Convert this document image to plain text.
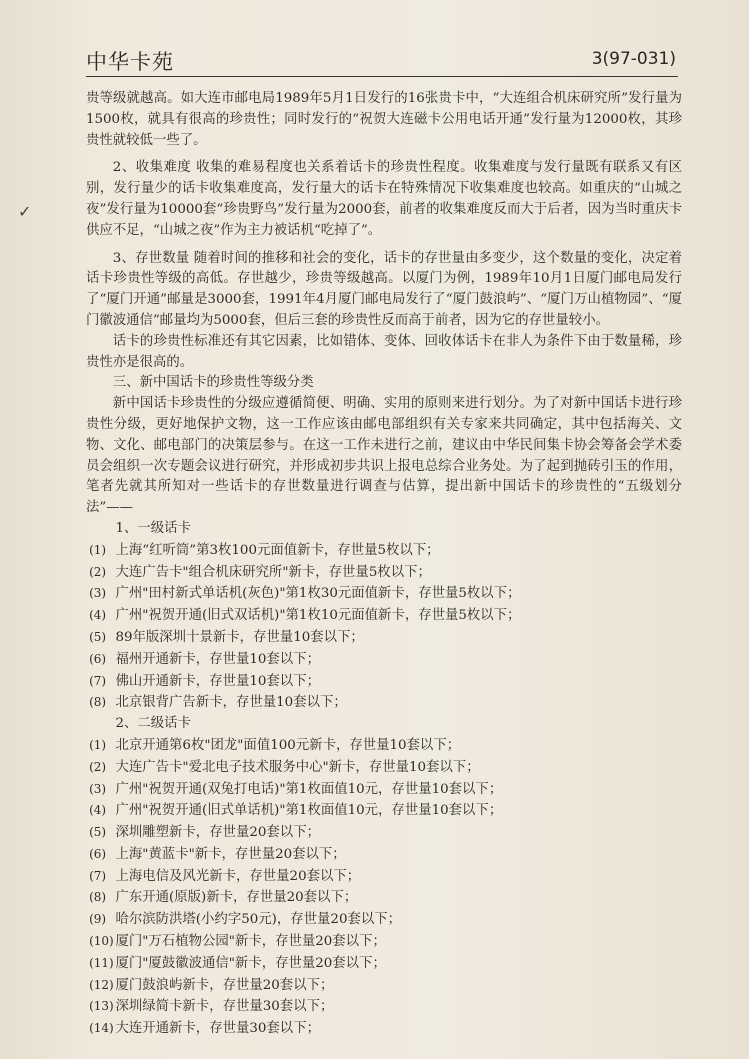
中华卡苑	3(97-031)
✓

贵等级就越高。如大连市邮电局1989年5月1日发行的16张贵卡中，“大连组合机床研究所”发行量为1500枚，就具有很高的珍贵性；同时发行的“祝贺大连磁卡公用电话开通”发行量为12000枚，其珍贵性就较低一些了。

2、收集难度 收集的难易程度也关系着话卡的珍贵性程度。收集难度与发行量既有联系又有区别，发行量少的话卡收集难度高，发行量大的话卡在特殊情况下收集难度也较高。如重庆的“山城之夜”发行量为10000套“珍贵野鸟”发行量为2000套，前者的收集难度反而大于后者，因为当时重庆卡供应不足，“山城之夜”作为主力被话机“吃掉了”。

3、存世数量 随着时间的推移和社会的变化，话卡的存世量由多变少，这个数量的变化，决定着话卡珍贵性等级的高低。存世越少，珍贵等级越高。以厦门为例，1989年10月1日厦门邮电局发行了“厦门开通”邮量是3000套，1991年4月厦门邮电局发行了“厦门鼓浪屿”、“厦门万山植物园”、“厦门徽波通信”邮量均为5000套，但后三套的珍贵性反而高于前者，因为它的存世量较小。

话卡的珍贵性标准还有其它因素，比如错体、变体、回收体话卡在非人为条件下由于数量稀，珍贵性亦是很高的。

三、新中国话卡的珍贵性等级分类

新中国话卡珍贵性的分级应遵循简便、明确、实用的原则来进行划分。为了对新中国话卡进行珍贵性分级，更好地保护文物，这一工作应该由邮电部组织有关专家来共同确定，其中包括海关、文物、文化、邮电部门的决策层参与。在这一工作未进行之前，建议由中华民间集卡协会筹备会学术委员会组织一次专题会议进行研究，并形成初步共识上报电总综合业务处。为了起到抛砖引玉的作用，笔者先就其所知对一些话卡的存世数量进行调查与估算，提出新中国话卡的珍贵性的“五级划分法”——

1、一级话卡

(1) 上海“红听筒”第3枚100元面值新卡，存世量5枚以下；

(2) 大连广告卡"组合机床研究所"新卡，存世量5枚以下；

(3) 广州"田村新式单话机(灰色)"第1枚30元面值新卡，存世量5枚以下；

(4) 广州"祝贺开通(旧式双话机)"第1枚10元面值新卡，存世量5枚以下；

(5) 89年版深圳十景新卡，存世量10套以下；

(6) 福州开通新卡，存世量10套以下；

(7) 佛山开通新卡，存世量10套以下；

(8) 北京银背广告新卡，存世量10套以下；

2、二级话卡

(1) 北京开通第6枚"团龙"面值100元新卡，存世量10套以下；

(2) 大连广告卡"爱北电子技术服务中心"新卡，存世量10套以下；

(3) 广州"祝贺开通(双兔打电话)"第1枚面值10元，存世量10套以下；

(4) 广州"祝贺开通(旧式单话机)"第1枚面值10元，存世量10套以下；

(5) 深圳雕塑新卡，存世量20套以下；

(6) 上海"黄蓝卡"新卡，存世量20套以下；

(7) 上海电信及风光新卡，存世量20套以下；

(8) 广东开通(原版)新卡，存世量20套以下；

(9) 哈尔滨防洪塔(小约字50元)，存世量20套以下；

(10) 厦门"万石植物公园"新卡，存世量20套以下；

(11) 厦门"厦鼓徽波通信"新卡，存世量20套以下；

(12) 厦门鼓浪屿新卡，存世量20套以下；

(13) 深圳绿简卡新卡，存世量30套以下；

(14) 大连开通新卡，存世量30套以下；
